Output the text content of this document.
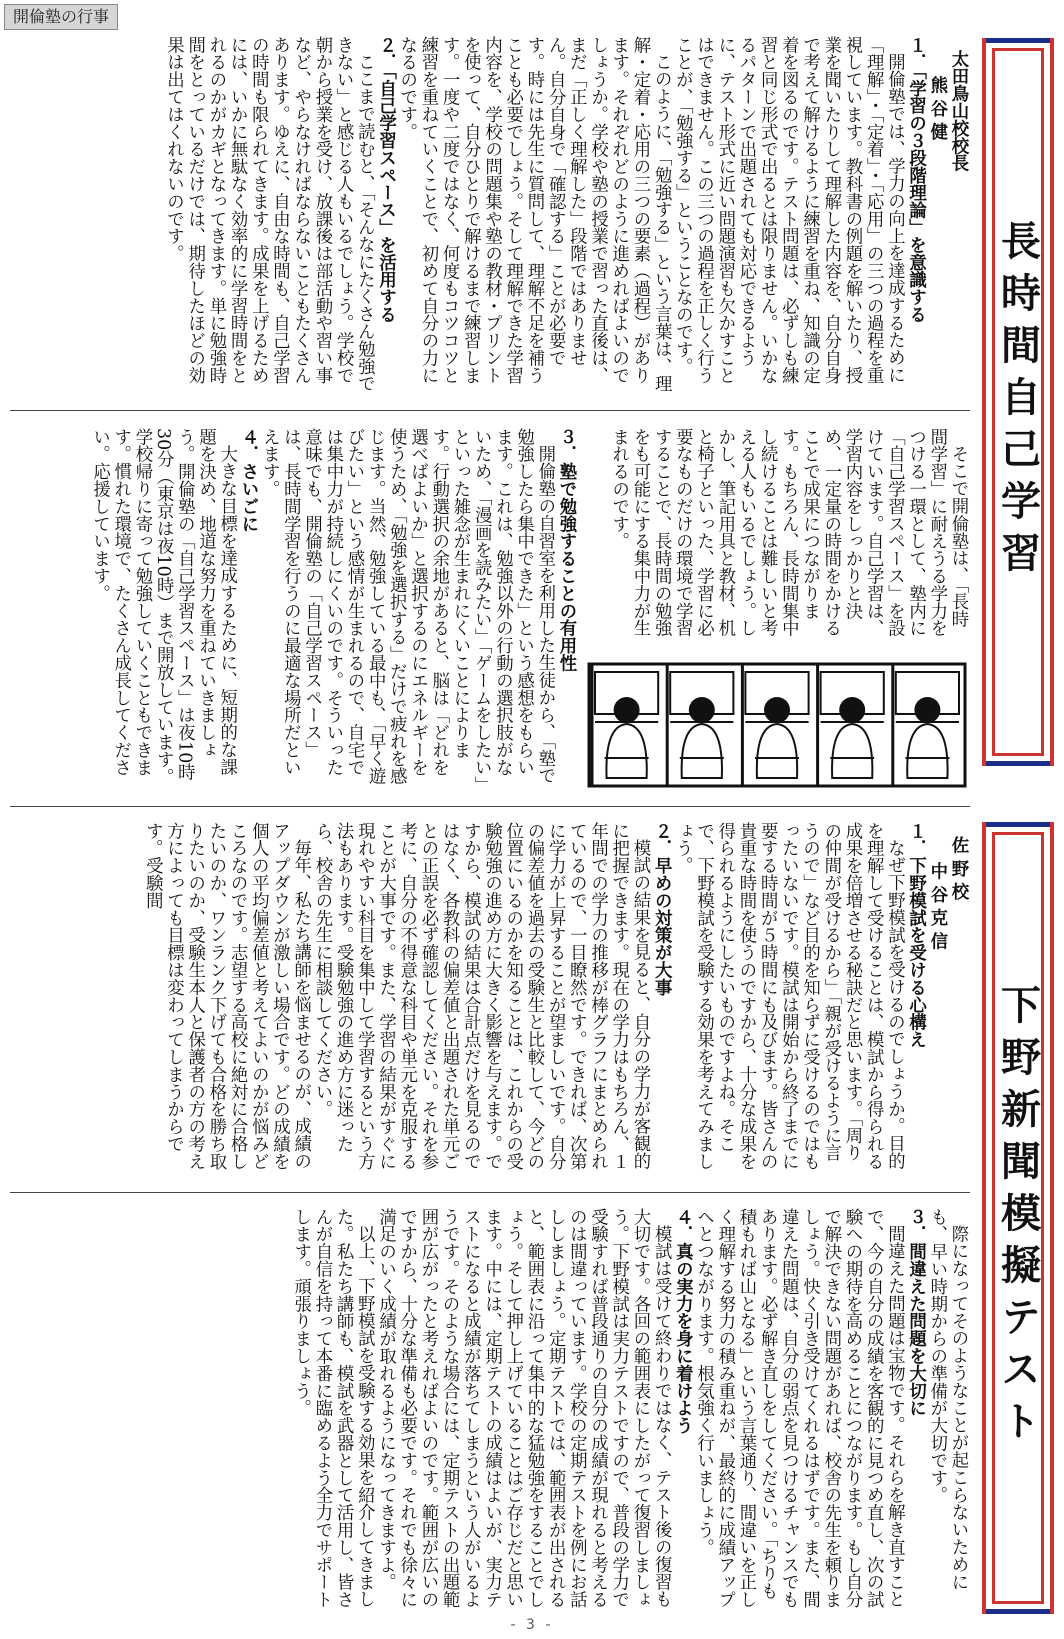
開倫塾の行事
長時間自己学習
下野新聞模擬テスト
太田鳥山校校長
熊 谷 健
１．「学習の３段階理論」を意識する

開倫塾では、学力の向上を達成するために「理解」・「定着」・「応用」の三つの過程を重視しています。教科書の例題を解いたり、授業を聞いたりして理解した内容を、自分自身で考えて解けるように練習を重ね、知識の定着を図るのです。テスト問題は、必ずしも練習と同じ形式で出るとは限りません。いかなるパターンで出題されても対応できるように、テスト形式に近い問題演習も欠かすことはできません。この三つの過程を正しく行うことが、「勉強する」ということなのです。

このように、「勉強する」という言葉は、理解・定着・応用の三つの要素（過程）があります。それぞれどのように進めればよいのでしょうか。学校や塾の授業で習った直後は、まだ「正しく理解した」段階ではありません。自分自身で「確認する」ことが必要です。時には先生に質問して、理解不足を補うことも必要でしょう。そして理解できた学習内容を、学校の問題集や塾の教材・プリントを使って、自分ひとりで解けるまで練習します。一度や二度ではなく、何度もコツコツと練習を重ねていくことで、初めて自分の力になるのです。

２．「自己学習スペース」を活用する

ここまで読むと、「そんなにたくさん勉強できない」と感じる人もいるでしょう。学校で朝から授業を受け、放課後は部活動や習い事など、やらなければならないこともたくさんあります。ゆえに、自由な時間も、自己学習の時間も限られてきます。成果を上げるためには、いかに無駄なく効率的に学習時間をとれるのかがカギとなってきます。単に勉強時間をとっているだけでは、期待したほどの効果は出てはくれないのです。

そこで開倫塾は、「長時間学習」に耐えうる学力をつける一環として、塾内に「自己学習スペース」を設けています。自己学習は、学習内容をしっかりと決め、一定量の時間をかけることで成果につながります。もちろん、長時間集中し続けることは難しいと考える人もいるでしょう。しかし、筆記用具と教材、机と椅子といった、学習に必要なものだけの環境で学習することで、長時間の勉強をも可能にする集中力が生まれるのです。

３．塾で勉強することの有用性

開倫塾の自習室を利用した生徒から、「塾で勉強したら集中できた」という感想をもらいます。これは、勉強以外の行動の選択肢がないため、「漫画を読みたい」「ゲームをしたい」といった雑念が生まれにくいことによります。行動選択の余地があると、脳は「どれを選べばよいか」と選択するのにエネルギーを使うため、「勉強を選択する」だけで疲れを感じます。当然、勉強している最中も、「早く遊びたい」という感情が生まれるので、自宅では集中力が持続しにくいのです。そういった意味でも、開倫塾の「自己学習スペース」は、長時間学習を行うのに最適な場所だといえます。

４．さいごに

大きな目標を達成するために、短期的な課題を決め、地道な努力を重ねていきましょう。開倫塾の「自己学習スペース」は夜10時30分（東京は夜10時）まで開放しています。学校帰りに寄って勉強していくこともできます。慣れた環境で、たくさん成長してください。応援しています。

佐 野 校
中 谷 克 信
１．下野模試を受ける心構え

なぜ下野模試を受けるのでしょうか。目的を理解して受けることは、模試から得られる成果を倍増させる秘訣だと思います。「周りの仲間が受けるから」「親が受けるように言うので」など目的を知らずに受けるのではもったいないです。模試は開始から終了までに要する時間が５時間にも及びます。皆さんの貴重な時間を使うのですから、十分な成果を得られるようにしたいものですよね。そこで、下野模試を受験する効果を考えてみましょう。

２．早めの対策が大事

模試の結果を見ると、自分の学力が客観的に把握できます。現在の学力はもちろん、１年間での学力の推移が棒グラフにまとめられているので、一目瞭然です。できれば、次第に学力が上昇することが望ましいです。自分の偏差値を過去の受験生と比較して、今どの位置にいるのかを知ることは、これからの受験勉強の進め方に大きく影響を与えます。ですから、模試の結果は合計点だけを見るのではなく、各教科の偏差値と出題された単元ごとの正誤を必ず確認してください。それを参考に、自分の不得意な科目や単元を克服することが大事です。また、学習の結果がすぐに現れやすい科目を集中して学習するという方法もあります。受験勉強の進め方に迷ったら、校舎の先生に相談してください。

毎年、私たち講師を悩ませるのが、成績のアップダウンが激しい場合です。どの成績を個人の平均偏差値と考えてよいのかが悩みどころなのです。志望する高校に絶対に合格したいのか、ワンランク下げても合格を勝ち取りたいのか、受験生本人と保護者の方の考え方によっても目標は変わってしまうからです。受験間

際になってそのようなことが起こらないためにも、早い時期からの準備が大切です。

３．間違えた問題を大切に

間違えた問題は宝物です。それらを解き直すことで、今の自分の成績を客観的に見つめ直し、次の試験への期待を高めることにつながります。もし自分で解決できない問題があれば、校舎の先生を頼りましょう。快く引き受けてくれるはずです。また、間違えた問題は、自分の弱点を見つけるチャンスでもあります。必ず解き直しをしてください。「ちりも積もれば山となる」という言葉通り、間違いを正しく理解する努力の積み重ねが、最終的に成績アップへとつながります。根気強く行いましょう。

４．真の実力を身に着けよう

模試は受けて終わりではなく、テスト後の復習も大切です。各回の範囲表にしたがって復習しましょう。下野模試は実力テストですので、普段の学力で受験すれば普段通りの自分の成績が現れると考えるのは間違っています。学校の定期テストを例にお話ししましょう。定期テストでは、範囲表が出されると、範囲表に沿って集中的な猛勉強をすることでしょう。そして押し上げていることはご存じだと思います。中には、定期テストの成績はよいが、実力テストになると成績が落ちてしまうという人がいるようです。そのような場合には、定期テストの出題範囲が広がったと考えればよいのです。範囲が広いのですから、十分な準備も必要です。それでも徐々に満足のいく成績が取れるようになってきますよ。

以上、下野模試を受験する効果を紹介してきました。私たち講師も、模試を武器として活用し、皆さんが自信を持って本番に臨めるよう全力でサポートします。頑張りましょう。

- 3 -
